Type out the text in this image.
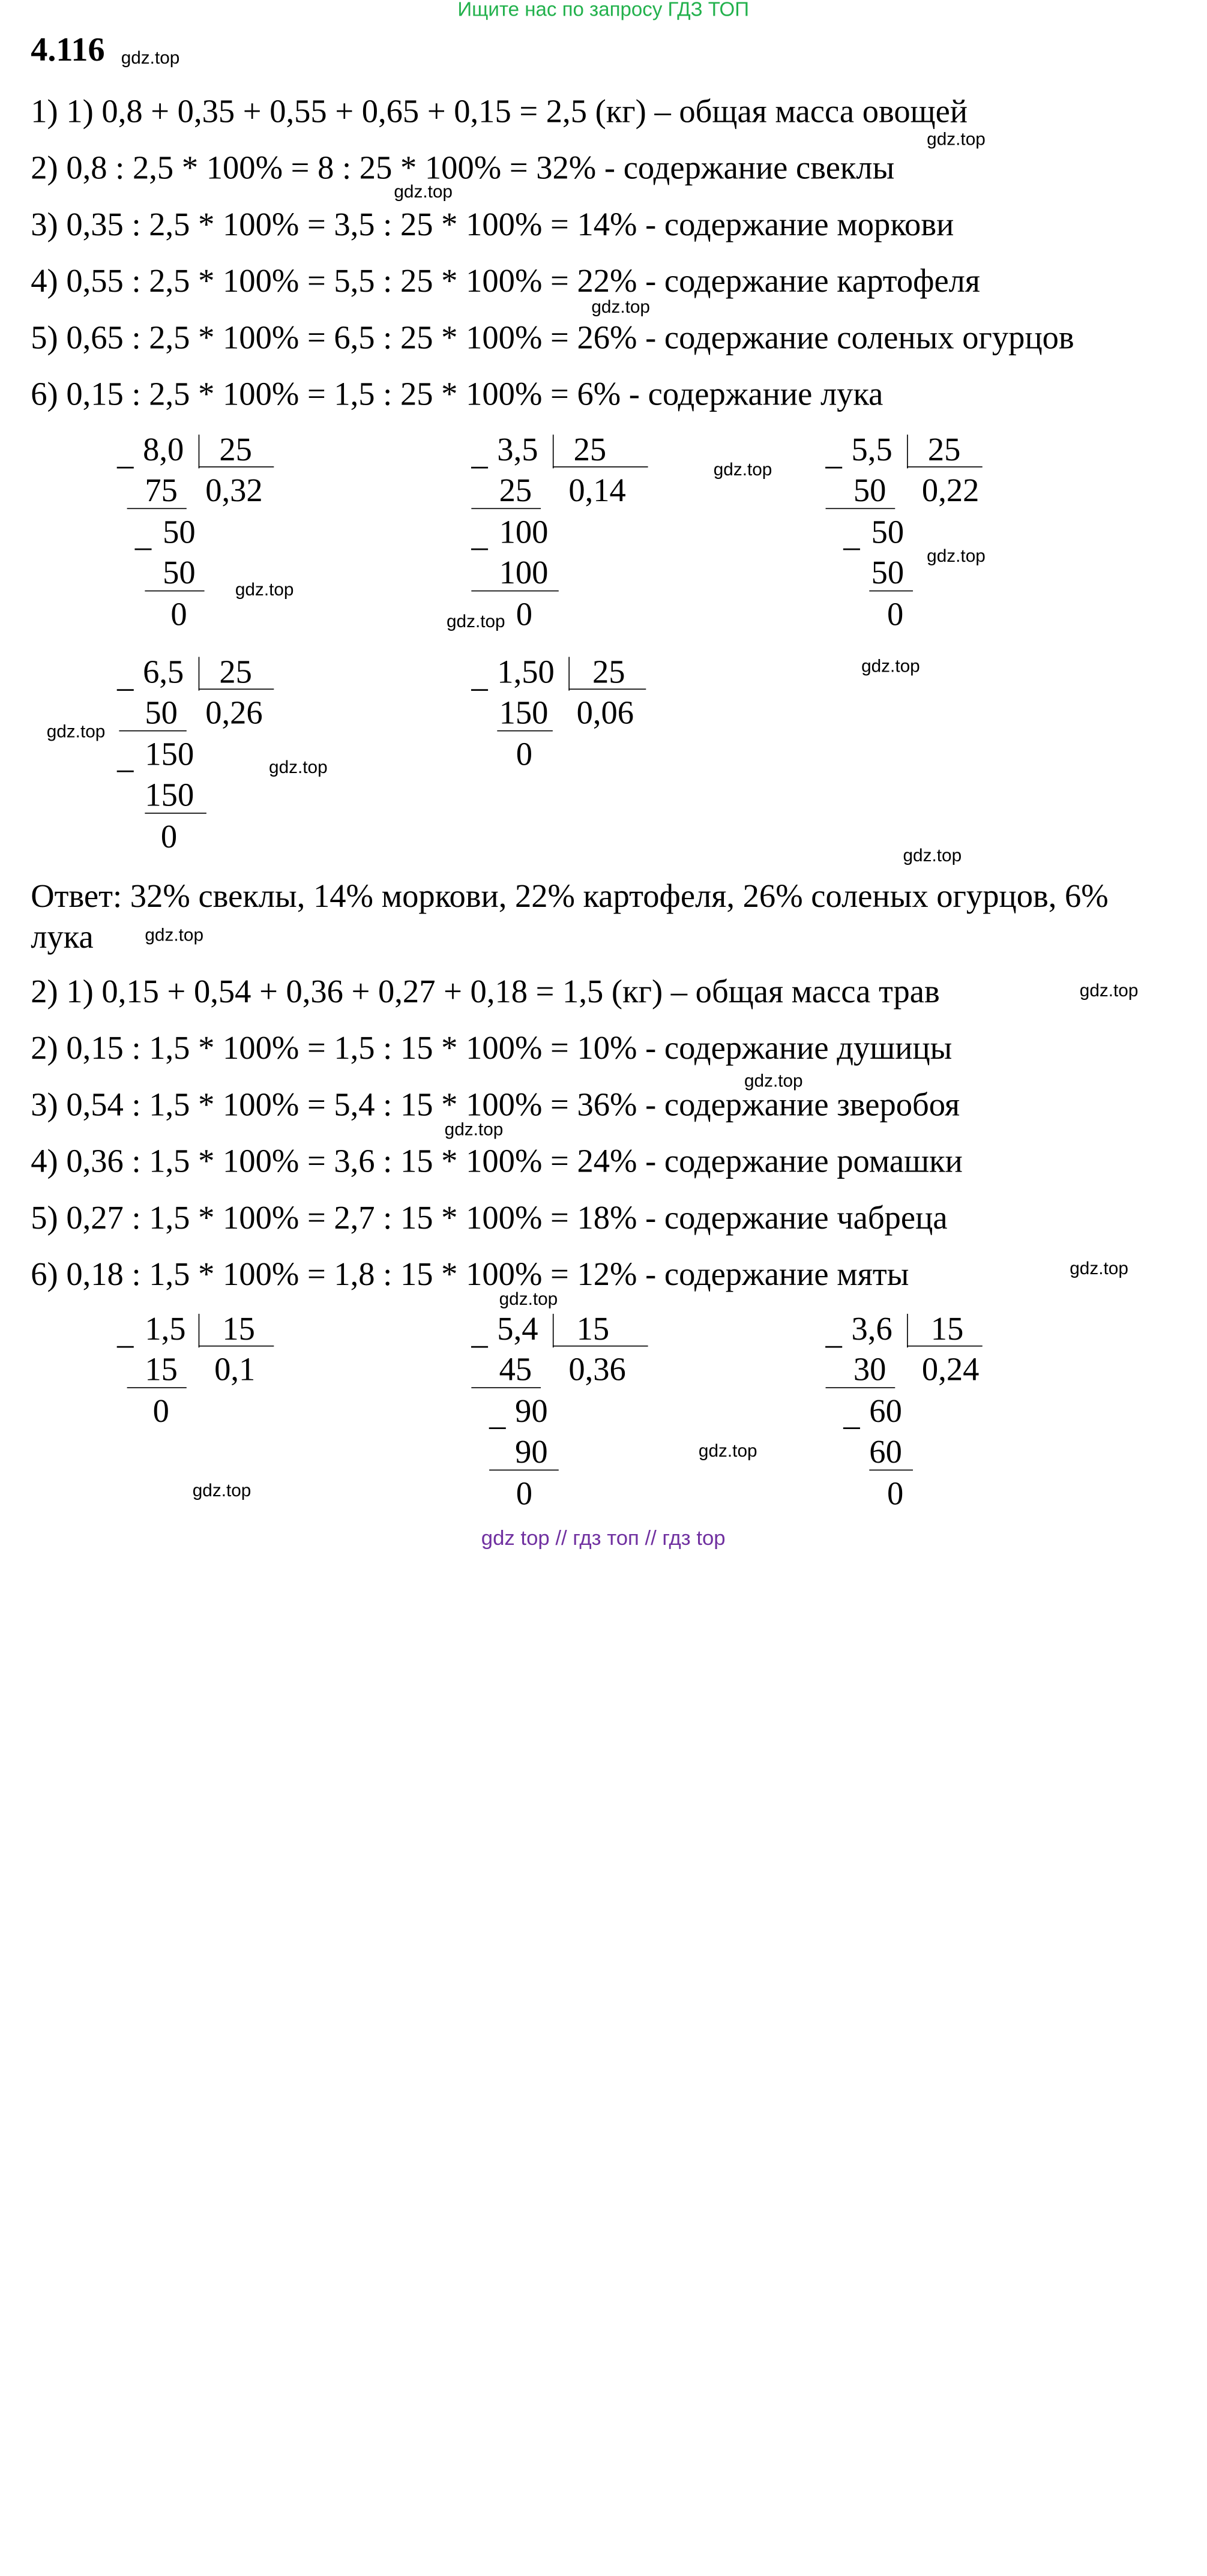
Ищите нас по запросу ГДЗ ТОП
4.116 gdz.top
1) 1) 0,8 + 0,35 + 0,55 + 0,65 + 0,15 = 2,5 (кг) – общая масса овощей
2) 0,8 : 2,5 * 100% = 8 : 25 * 100% = 32% - содержание свеклы
3) 0,35 : 2,5 * 100% = 3,5 : 25 * 100% = 14% - содержание моркови
4) 0,55 : 2,5 * 100% = 5,5 : 25 * 100% = 22% - содержание картофеля
5) 0,65 : 2,5 * 100% = 6,5 : 25 * 100% = 26% - содержание соленых огурцов
6) 0,15 : 2,5 * 100% = 1,5 : 25 * 100% = 6% - содержание лука
gdz.top
gdz.top
gdz.top
_ 8,0 25
75 0,32
_ 50
50
0
_ 3,5 25
25 0,14
_ 100
100
0
_ 5,5 25
50 0,22
_ 50
50
0
_ 6,5 25
50 0,26
_ 150
150
0
_ 1,50 25
150 0,06
0
gdz.top
gdz.top
gdz.top
gdz.top
gdz.top
gdz.top
gdz.top
gdz.top
Ответ: 32% свеклы, 14% моркови, 22% картофеля, 26% соленых огурцов, 6%
лука	gdz.top
2) 1) 0,15 + 0,54 + 0,36 + 0,27 + 0,18 = 1,5 (кг) – общая масса трав
2) 0,15 : 1,5 * 100% = 1,5 : 15 * 100% = 10% - содержание душицы
3) 0,54 : 1,5 * 100% = 5,4 : 15 * 100% = 36% - содержание зверобоя
4) 0,36 : 1,5 * 100% = 3,6 : 15 * 100% = 24% - содержание ромашки
5) 0,27 : 1,5 * 100% = 2,7 : 15 * 100% = 18% - содержание чабреца
6) 0,18 : 1,5 * 100% = 1,8 : 15 * 100% = 12% - содержание мяты
gdz.top
gdz.top
gdz.top
gdz.top
gdz.top
_ 1,5 15
15 0,1
0
_ 5,4 15
45 0,36
_ 90
90
0
_ 3,6 15
30 0,24
_ 60
60
0
gdz.top
gdz.top
gdz top // гдз топ // гдз top
